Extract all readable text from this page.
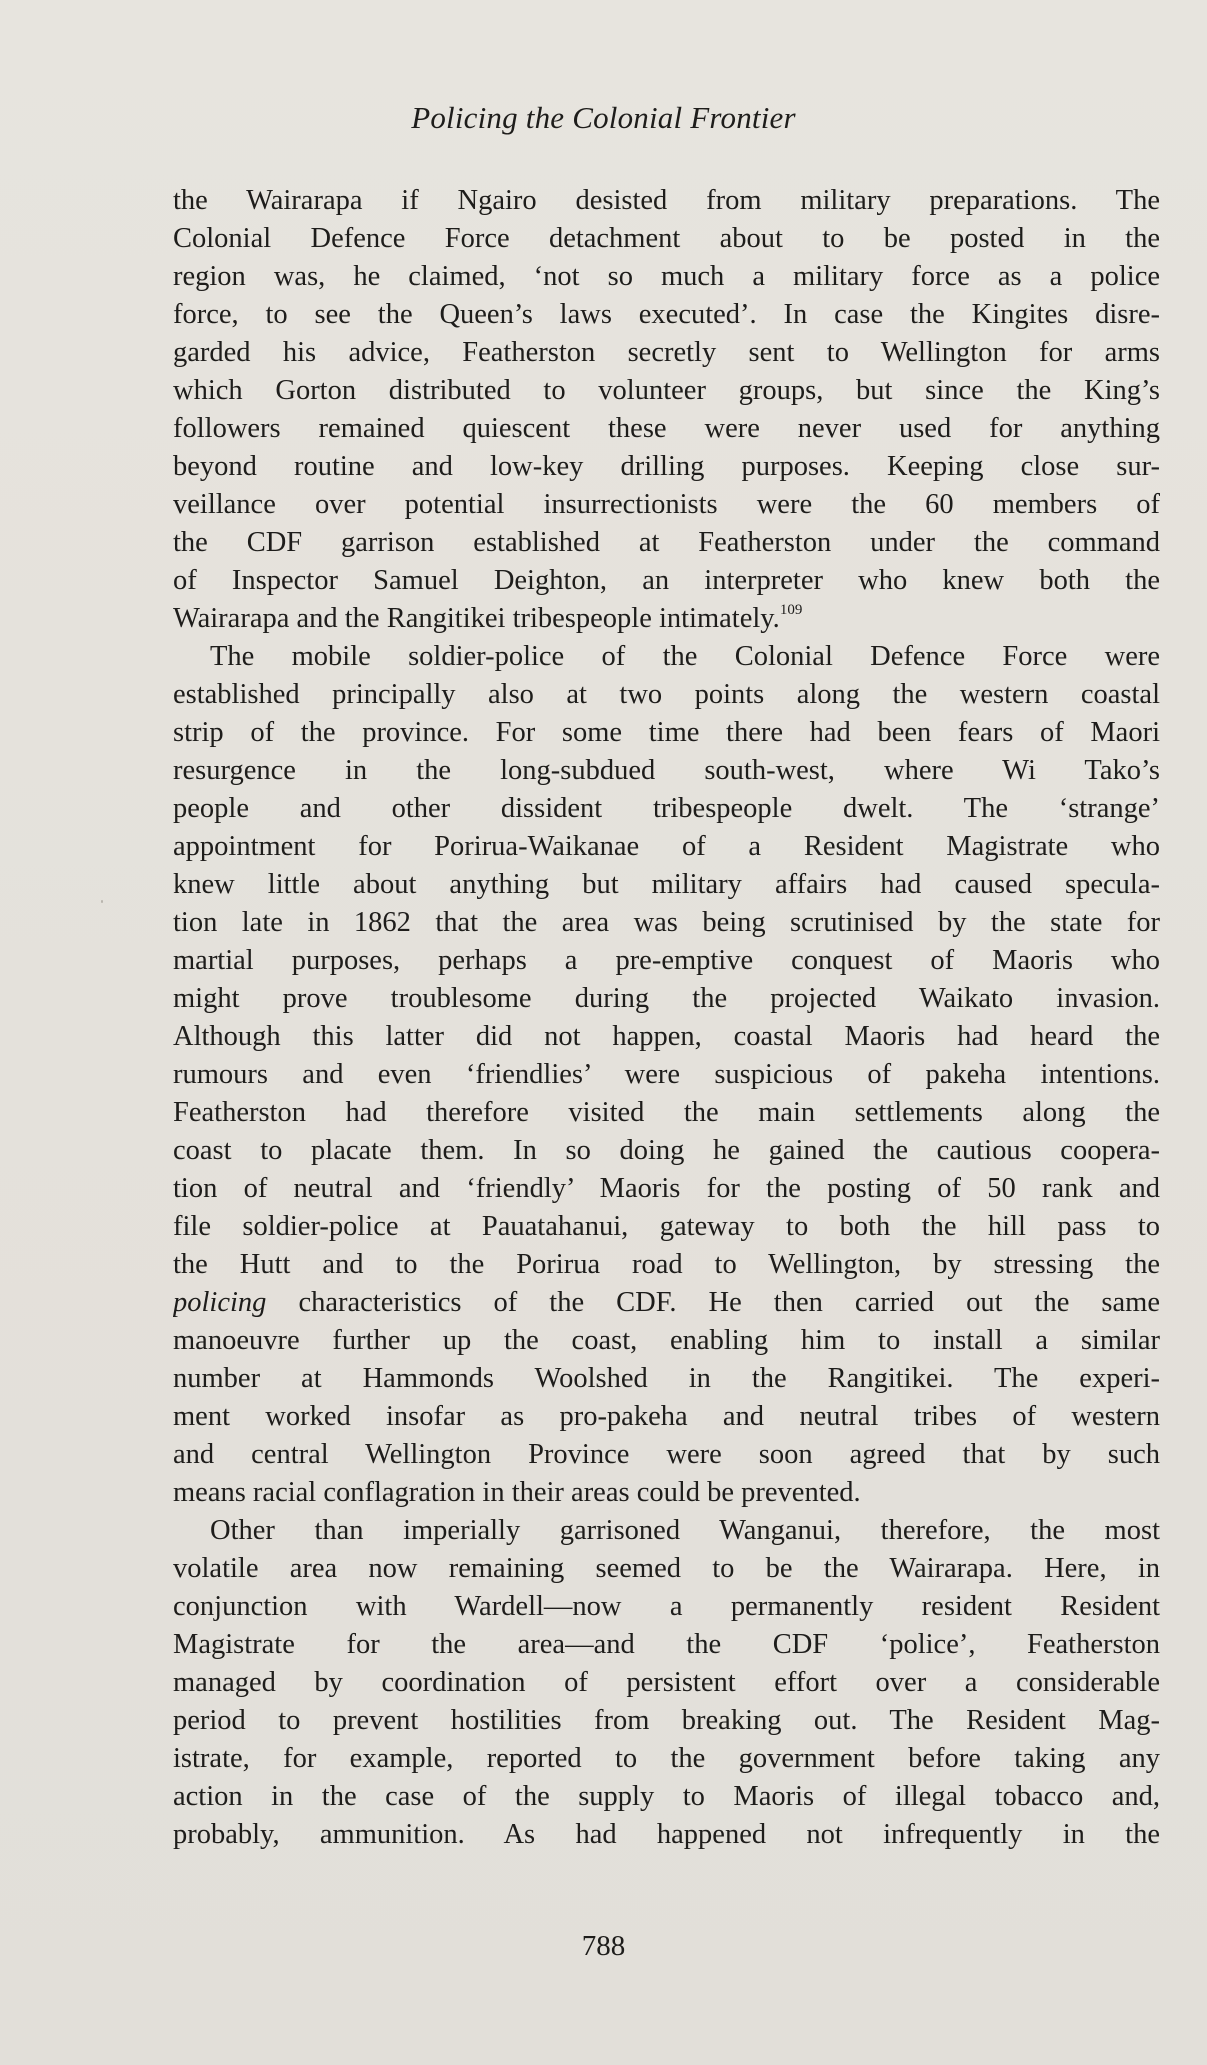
Policing the Colonial Frontier
the Wairarapa if Ngairo desisted from military preparations. The
Colonial Defence Force detachment about to be posted in the
region was, he claimed, ‘not so much a military force as a police
force, to see the Queen’s laws executed’. In case the Kingites disre-
garded his advice, Featherston secretly sent to Wellington for arms
which Gorton distributed to volunteer groups, but since the King’s
followers remained quiescent these were never used for anything
beyond routine and low-key drilling purposes. Keeping close sur-
veillance over potential insurrectionists were the 60 members of
the CDF garrison established at Featherston under the command
of Inspector Samuel Deighton, an interpreter who knew both the
Wairarapa and the Rangitikei tribespeople intimately.$^{109}$
The mobile soldier-police of the Colonial Defence Force were
established principally also at two points along the western coastal
strip of the province. For some time there had been fears of Maori
resurgence in the long-subdued south-west, where Wi Tako’s
people and other dissident tribespeople dwelt. The ‘strange’
appointment for Porirua-Waikanae of a Resident Magistrate who
knew little about anything but military affairs had caused specula-
tion late in 1862 that the area was being scrutinised by the state for
martial purposes, perhaps a pre-emptive conquest of Maoris who
might prove troublesome during the projected Waikato invasion.
Although this latter did not happen, coastal Maoris had heard the
rumours and even ‘friendlies’ were suspicious of pakeha intentions.
Featherston had therefore visited the main settlements along the
coast to placate them. In so doing he gained the cautious coopera-
tion of neutral and ‘friendly’ Maoris for the posting of 50 rank and
file soldier-police at Pauatahanui, gateway to both the hill pass to
the Hutt and to the Porirua road to Wellington, by stressing the
policing characteristics of the CDF. He then carried out the same
manoeuvre further up the coast, enabling him to install a similar
number at Hammonds Woolshed in the Rangitikei. The experi-
ment worked insofar as pro-pakeha and neutral tribes of western
and central Wellington Province were soon agreed that by such
means racial conflagration in their areas could be prevented.
Other than imperially garrisoned Wanganui, therefore, the most
volatile area now remaining seemed to be the Wairarapa. Here, in
conjunction with Wardell—now a permanently resident Resident
Magistrate for the area—and the CDF ‘police’, Featherston
managed by coordination of persistent effort over a considerable
period to prevent hostilities from breaking out. The Resident Mag-
istrate, for example, reported to the government before taking any
action in the case of the supply to Maoris of illegal tobacco and,
probably, ammunition. As had happened not infrequently in the
788
